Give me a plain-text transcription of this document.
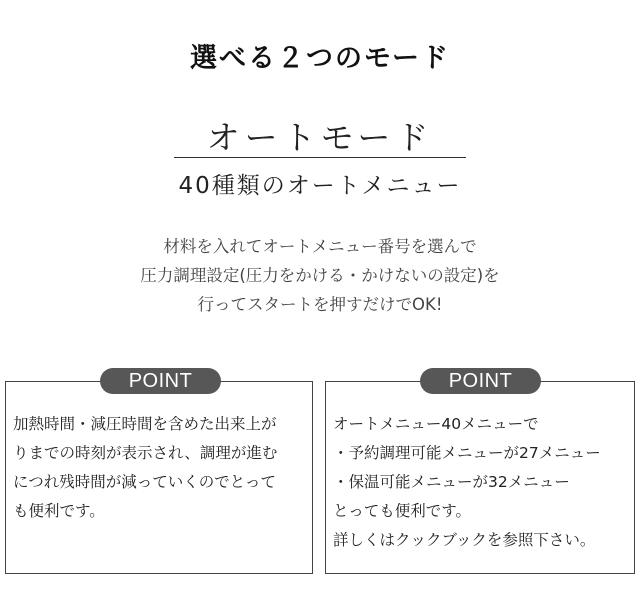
選べる２つのモード
オートモード
40種類のオートメニュー
材料を入れてオートメニュー番号を選んで
圧力調理設定(圧力をかける・かけないの設定)を
行ってスタートを押すだけでOK!
POINT
加熱時間・減圧時間を含めた出来上が
りまでの時刻が表示され、調理が進む
につれ残時間が減っていくのでとって
も便利です。
POINT
オートメニュー40メニューで
・予約調理可能メニューが27メニュー
・保温可能メニューが32メニュー
とっても便利です。
詳しくはクックブックを参照下さい。
